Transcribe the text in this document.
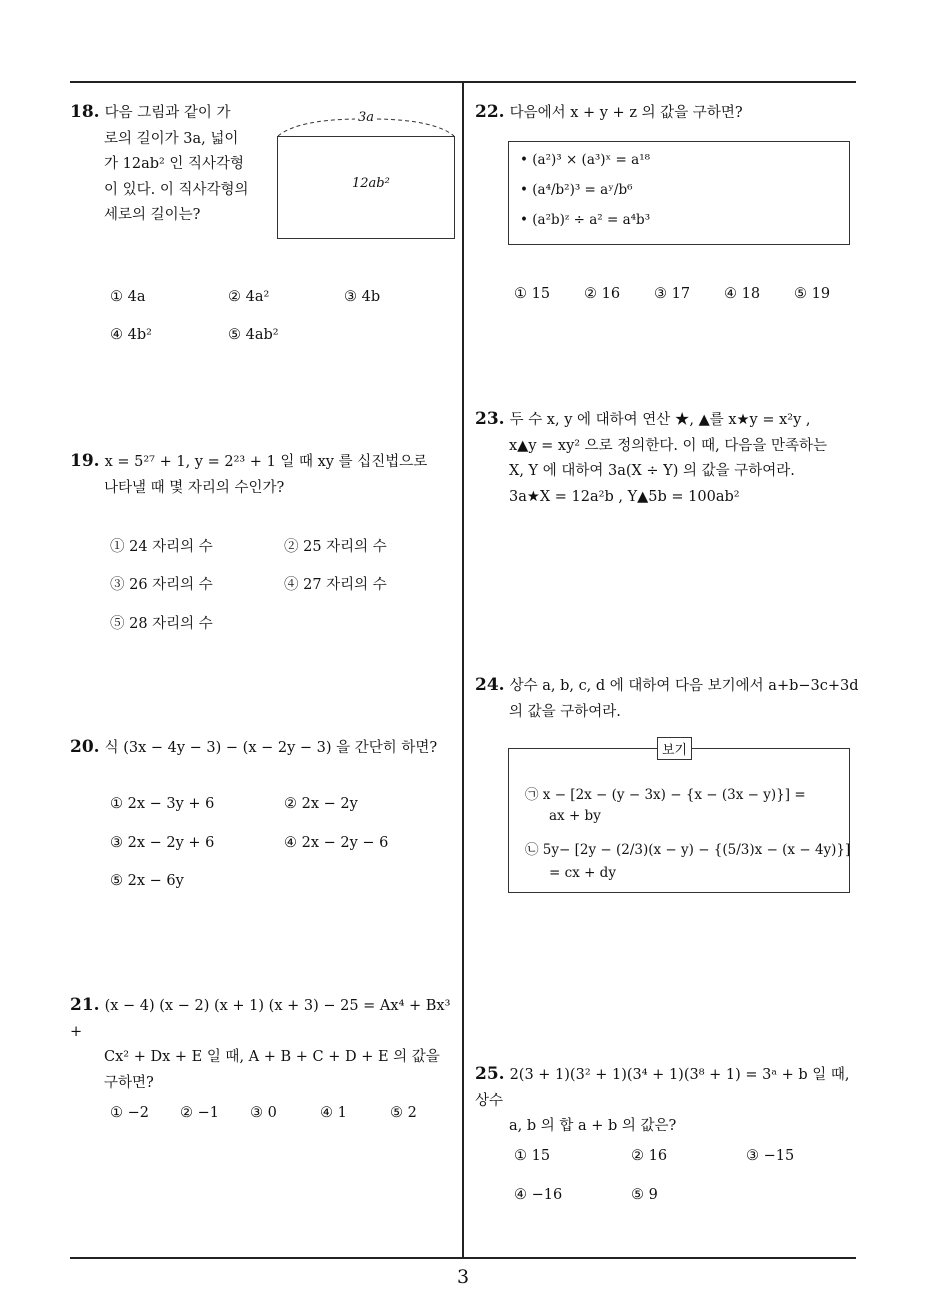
18. 다음 그림과 같이 가
로의 길이가 3a, 넓이
가 12ab² 인 직사각형
이 있다. 이 직사각형의
세로의 길이는?
3a
12ab²
① 4a	② 4a²	③ 4b
④ 4b²	⑤ 4ab²
19. x = 5²⁷ + 1, y = 2²³ + 1 일 때 xy 를 십진법으로
나타낼 때 몇 자리의 수인가?
① 24 자리의 수	② 25 자리의 수
③ 26 자리의 수	④ 27 자리의 수
⑤ 28 자리의 수
20. 식 (3x − 4y − 3) − (x − 2y − 3) 을 간단히 하면?
① 2x − 3y + 6	② 2x − 2y
③ 2x − 2y + 6	④ 2x − 2y − 6
⑤ 2x − 6y
21. (x − 4) (x − 2) (x + 1) (x + 3) − 25 = Ax⁴ + Bx³ +
Cx² + Dx + E 일 때, A + B + C + D + E 의 값을
구하면?
① −2 ② −1 ③ 0	④ 1	⑤ 2
22. 다음에서 x + y + z 의 값을 구하면?
• (a²)³ × (a³)ˣ = a¹⁸
• (a⁴/b²)³ = aʸ/b⁶
• (a²b)ᶻ ÷ a² = a⁴b³
① 15 ② 16 ③ 17 ④ 18 ⑤ 19
23. 두 수 x, y 에 대하여 연산 ★, ▲를 x★y = x²y ,
x▲y = xy² 으로 정의한다. 이 때, 다음을 만족하는
X, Y 에 대하여 3a(X ÷ Y) 의 값을 구하여라.
3a★X = 12a²b , Y▲5b = 100ab²
24. 상수 a, b, c, d 에 대하여 다음 보기에서 a+b−3c+3d
의 값을 구하여라.
보기
㉠ x − [2x − (y − 3x) − {x − (3x − y)}] =
ax + by
㉡ 5y− [2y − (2/3)(x − y) − {(5/3)x − (x − 4y)}]
= cx + dy
25. 2(3 + 1)(3² + 1)(3⁴ + 1)(3⁸ + 1) = 3ᵃ + b 일 때, 상수
a, b 의 합 a + b 의 값은?
① 15	② 16	③ −15
④ −16	⑤ 9
3
